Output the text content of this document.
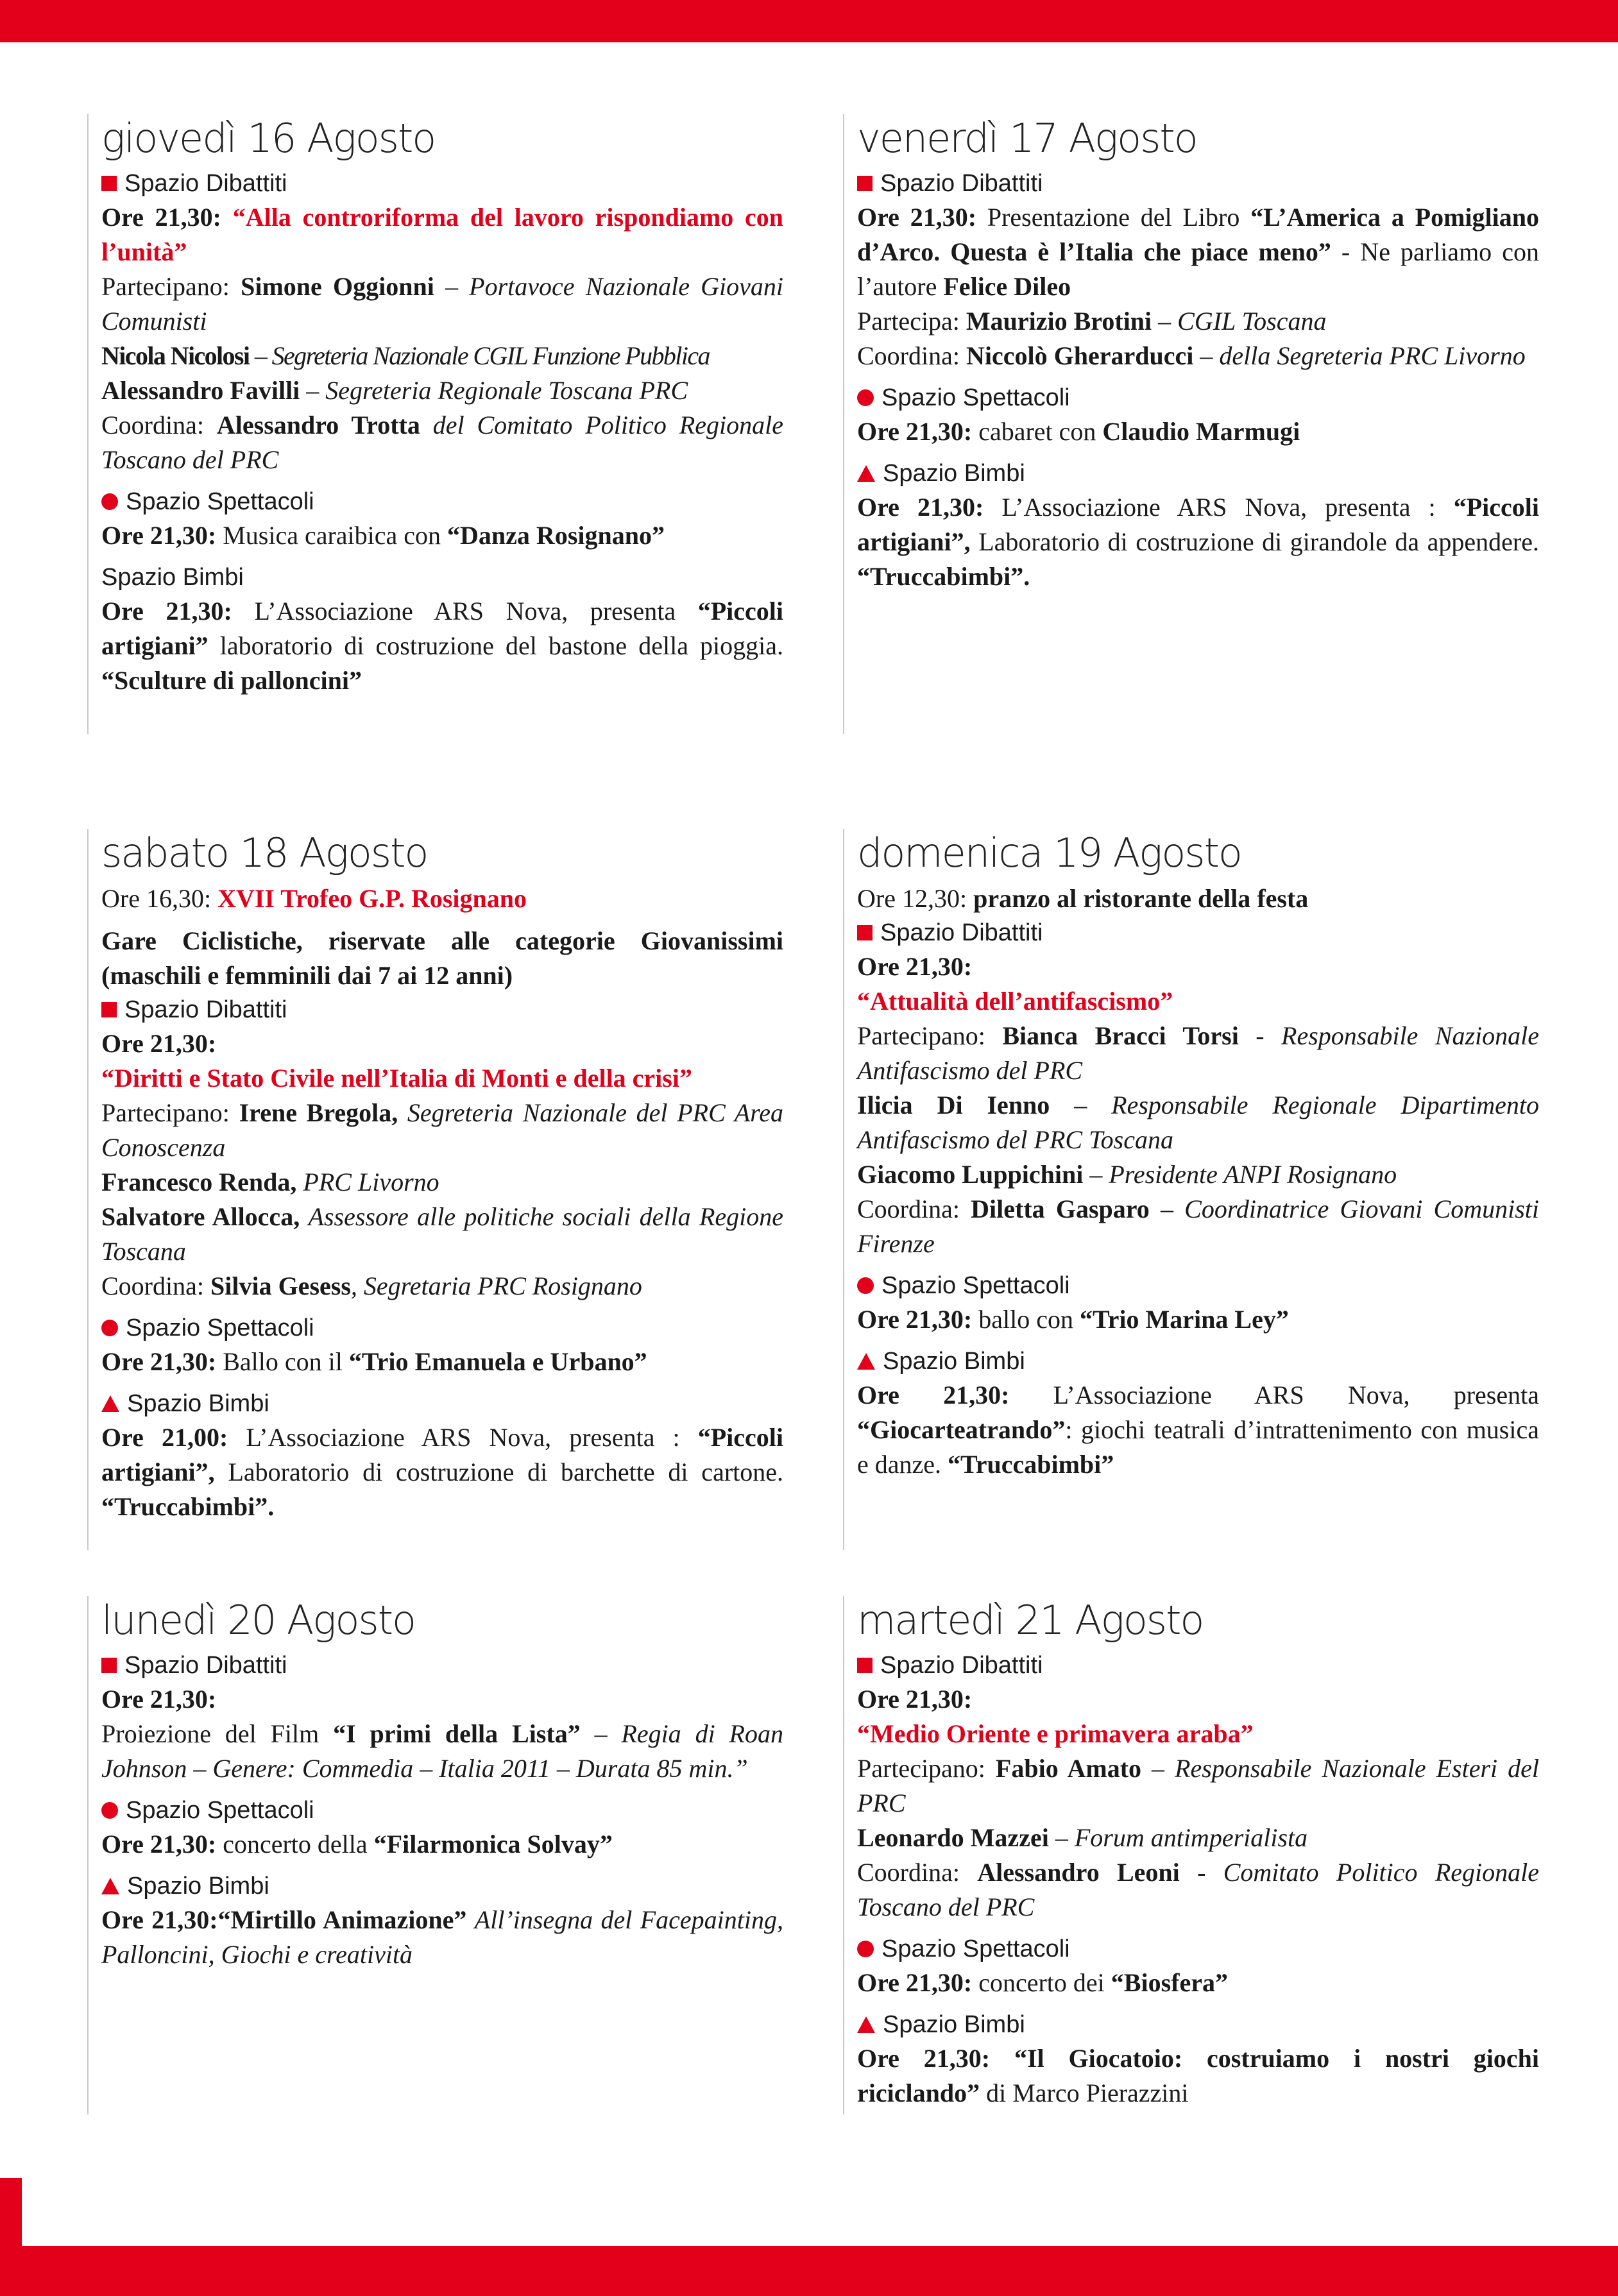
giovedì 16 Agosto
Spazio Dibattiti

Ore 21,30: “Alla controriforma del lavoro rispondiamo con l’unità”

Partecipano: Simone Oggionni – Portavoce Nazionale Giovani Comunisti

Nicola Nicolosi – Segreteria Nazionale CGIL Funzione Pubblica

Alessandro Favilli – Segreteria Regionale Toscana PRC

Coordina: Alessandro Trotta del Comitato Politico Regionale Toscano del PRC

Spazio Spettacoli

Ore 21,30: Musica caraibica con “Danza Rosignano”

Spazio Bimbi

Ore 21,30: L’Associazione ARS Nova, presenta “Piccoli artigiani” laboratorio di costruzione del bastone della pioggia. “Sculture di palloncini”

venerdì 17 Agosto
Spazio Dibattiti

Ore 21,30: Presentazione del Libro “L’America a Pomigliano d’Arco. Questa è l’Italia che piace meno” - Ne parliamo con l’autore Felice Dileo

Partecipa: Maurizio Brotini – CGIL Toscana

Coordina: Niccolò Gherarducci – della Segreteria PRC Livorno

Spazio Spettacoli

Ore 21,30: cabaret con Claudio Marmugi

Spazio Bimbi

Ore 21,30: L’Associazione ARS Nova, presenta : “Piccoli artigiani”, Laboratorio di costruzione di girandole da appendere. “Truccabimbi”.

sabato 18 Agosto

Ore 16,30: XVII Trofeo G.P. Rosignano

Gare Ciclistiche, riservate alle categorie Giovanissimi (maschili e femminili dai 7 ai 12 anni)

Spazio Dibattiti

Ore 21,30:

“Diritti e Stato Civile nell’Italia di Monti e della crisi”

Partecipano: Irene Bregola, Segreteria Nazionale del PRC Area Conoscenza

Francesco Renda, PRC Livorno

Salvatore Allocca, Assessore alle politiche sociali della Regione Toscana

Coordina: Silvia Gesess, Segretaria PRC Rosignano

Spazio Spettacoli

Ore 21,30: Ballo con il “Trio Emanuela e Urbano”

Spazio Bimbi

Ore 21,00: L’Associazione ARS Nova, presenta : “Piccoli artigiani”, Laboratorio di costruzione di barchette di cartone. “Truccabimbi”.

domenica 19 Agosto

Ore 12,30: pranzo al ristorante della festa

Spazio Dibattiti

Ore 21,30:

“Attualità dell’antifascismo”

Partecipano: Bianca Bracci Torsi - Responsabile Nazionale Antifascismo del PRC

Ilicia Di Ienno – Responsabile Regionale Dipartimento Antifascismo del PRC Toscana

Giacomo Luppichini – Presidente ANPI Rosignano

Coordina: Diletta Gasparo – Coordinatrice Giovani Comunisti Firenze

Spazio Spettacoli

Ore 21,30: ballo con “Trio Marina Ley”

Spazio Bimbi

Ore 21,30: L’Associazione ARS Nova, presenta “Giocarteatrando”: giochi teatrali d’intrattenimento con musica e danze. “Truccabimbi”

lunedì 20 Agosto
Spazio Dibattiti

Ore 21,30:

Proiezione del Film “I primi della Lista” – Regia di Roan Johnson – Genere: Commedia – Italia 2011 – Durata 85 min.”

Spazio Spettacoli

Ore 21,30: concerto della “Filarmonica Solvay”

Spazio Bimbi

Ore 21,30:“Mirtillo Animazione” All’insegna del Facepainting, Palloncini, Giochi e creatività

martedì 21 Agosto
Spazio Dibattiti

Ore 21,30:

“Medio Oriente e primavera araba”

Partecipano: Fabio Amato – Responsabile Nazionale Esteri del PRC

Leonardo Mazzei – Forum antimperialista

Coordina: Alessandro Leoni - Comitato Politico Regionale Toscano del PRC

Spazio Spettacoli

Ore 21,30: concerto dei “Biosfera”

Spazio Bimbi

Ore 21,30: “Il Giocatoio: costruiamo i nostri giochi riciclando” di Marco Pierazzini
